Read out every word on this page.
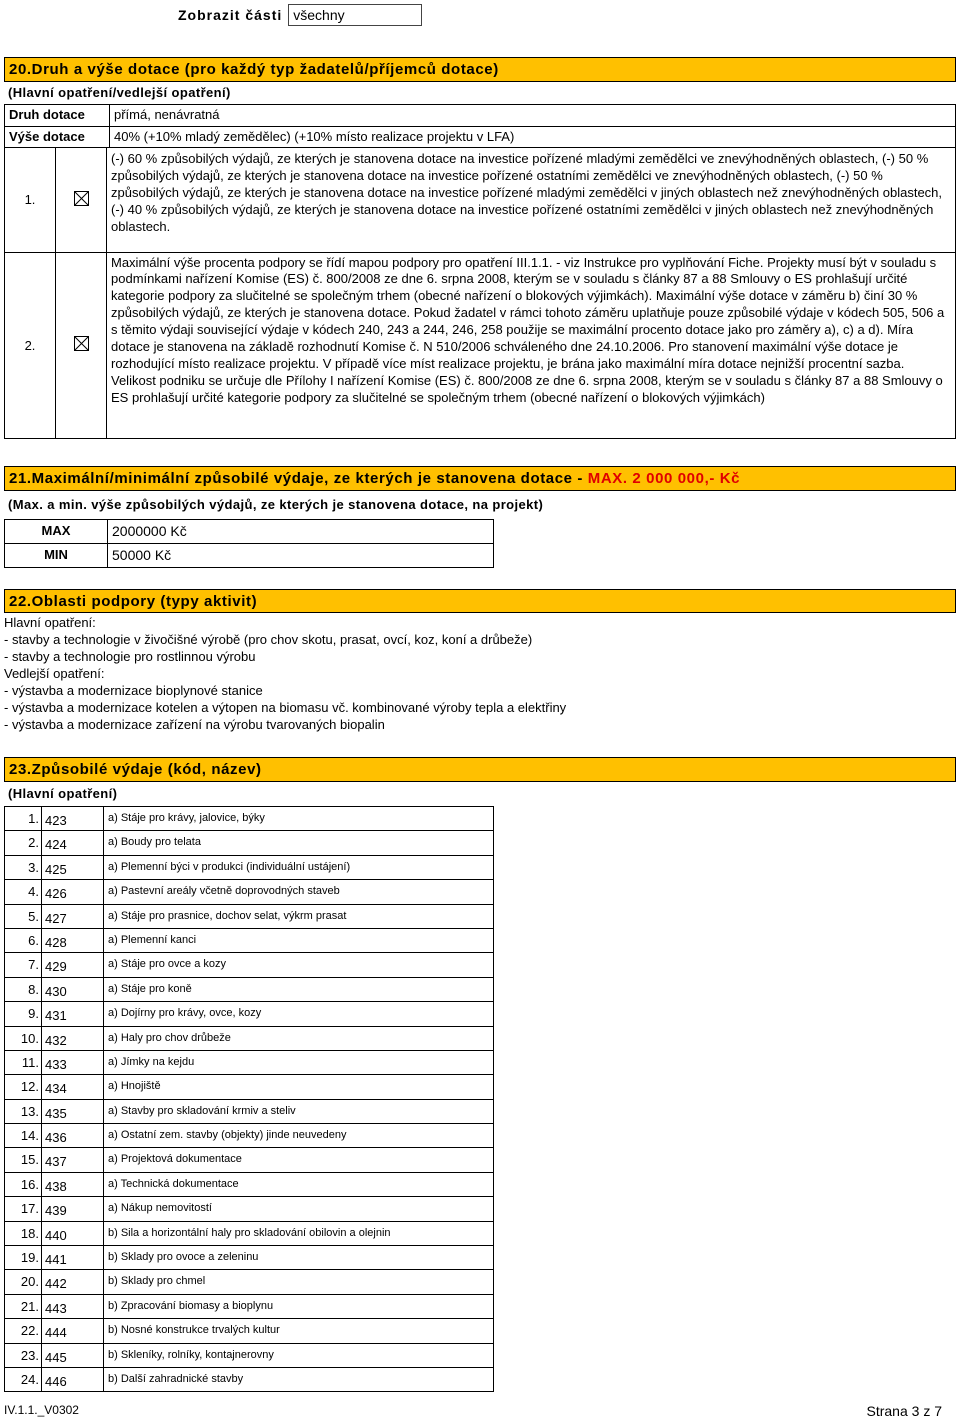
Zobrazit části všechny
20.Druh a výše dotace (pro každý typ žadatelů/příjemců dotace)
(Hlavní opatření/vedlejší opatření)
Druh dotace	přímá, nenávratná
Výše dotace	40% (+10% mladý zemědělec) (+10% místo realizace projektu v LFA)
1.		(-) 60 % způsobilých výdajů, ze kterých je stanovena dotace na investice pořízené mladými zemědělci ve znevýhodněných oblastech, (-) 50 % způsobilých výdajů, ze kterých je stanovena dotace na investice pořízené ostatními zemědělci ve znevýhodněných oblastech, (-) 50 % způsobilých výdajů, ze kterých je stanovena dotace na investice pořízené mladými zemědělci v jiných oblastech než znevýhodněných oblastech,(-) 40 % způsobilých výdajů, ze kterých je stanovena dotace na investice pořízené ostatními zemědělci v jiných oblastech než znevýhodněných oblastech.
2.		Maximální výše procenta podpory se řídí mapou podpory pro opatření III.1.1. - viz Instrukce pro vyplňování Fiche. Projekty musí být v souladu s podmínkami nařízení Komise (ES) č. 800/2008 ze dne 6. srpna 2008, kterým se v souladu s články 87 a 88 Smlouvy o ES prohlašují určité kategorie podpory za slučitelné se společným trhem (obecné nařízení o blokových výjimkách). Maximální výše dotace v záměru b) činí 30 % způsobilých výdajů, ze kterých je stanovena dotace. Pokud žadatel v rámci tohoto záměru uplatňuje pouze způsobilé výdaje v kódech 505, 506 a s těmito výdaji související výdaje v kódech 240, 243 a 244, 246, 258 použije se maximální procento dotace jako pro záměry a), c) a d). Míra dotace je stanovena na základě rozhodnutí Komise č. N 510/2006 schváleného dne 24.10.2006. Pro stanovení maximální výše dotace je rozhodující místo realizace projektu. V případě více míst realizace projektu, je brána jako maximální míra dotace nejnižší procentní sazba. Velikost podniku se určuje dle Přílohy I nařízení Komise (ES) č. 800/2008 ze dne 6. srpna 2008, kterým se v souladu s články 87 a 88 Smlouvy o ES prohlašují určité kategorie podpory za slučitelné se společným trhem (obecné nařízení o blokových výjimkách)
21.Maximální/minimální způsobilé výdaje, ze kterých je stanovena dotace - MAX. 2 000 000,- Kč
(Max. a min. výše způsobilých výdajů, ze kterých je stanovena dotace, na projekt)
MAX	2000000 Kč
MIN	50000 Kč
22.Oblasti podpory (typy aktivit)
Hlavní opatření:
- stavby a technologie v živočišné výrobě (pro chov skotu, prasat, ovcí, koz, koní a drůbeže)
- stavby a technologie pro rostlinnou výrobu
Vedlejší opatření:
- výstavba a modernizace bioplynové stanice
- výstavba a modernizace kotelen a výtopen na biomasu vč. kombinované výroby tepla a elektřiny
- výstavba a modernizace zařízení na výrobu tvarovaných biopalin
23.Způsobilé výdaje (kód, název)
(Hlavní opatření)
1.	423	a) Stáje pro krávy, jalovice, býky
2.	424	a) Boudy pro telata
3.	425	a) Plemenní býci v produkci (individuální ustájení)
4.	426	a) Pastevní areály včetně doprovodných staveb
5.	427	a) Stáje pro prasnice, dochov selat, výkrm prasat
6.	428	a) Plemenní kanci
7.	429	a) Stáje pro ovce a kozy
8.	430	a) Stáje pro koně
9.	431	a) Dojírny pro krávy, ovce, kozy
10.	432	a) Haly pro chov drůbeže
11.	433	a) Jímky na kejdu
12.	434	a) Hnojiště
13.	435	a) Stavby pro skladování krmiv a steliv
14.	436	a) Ostatní zem. stavby (objekty) jinde neuvedeny
15.	437	a) Projektová dokumentace
16.	438	a) Technická dokumentace
17.	439	a) Nákup nemovitostí
18.	440	b) Sila a horizontální haly pro skladování obilovin a olejnin
19.	441	b) Sklady pro ovoce a zeleninu
20.	442	b) Sklady pro chmel
21.	443	b) Zpracování biomasy a bioplynu
22.	444	b) Nosné konstrukce trvalých kultur
23.	445	b) Skleníky, rolníky, kontajnerovny
24.	446	b) Další zahradnické stavby
IV.1.1._V0302	Strana 3 z 7
